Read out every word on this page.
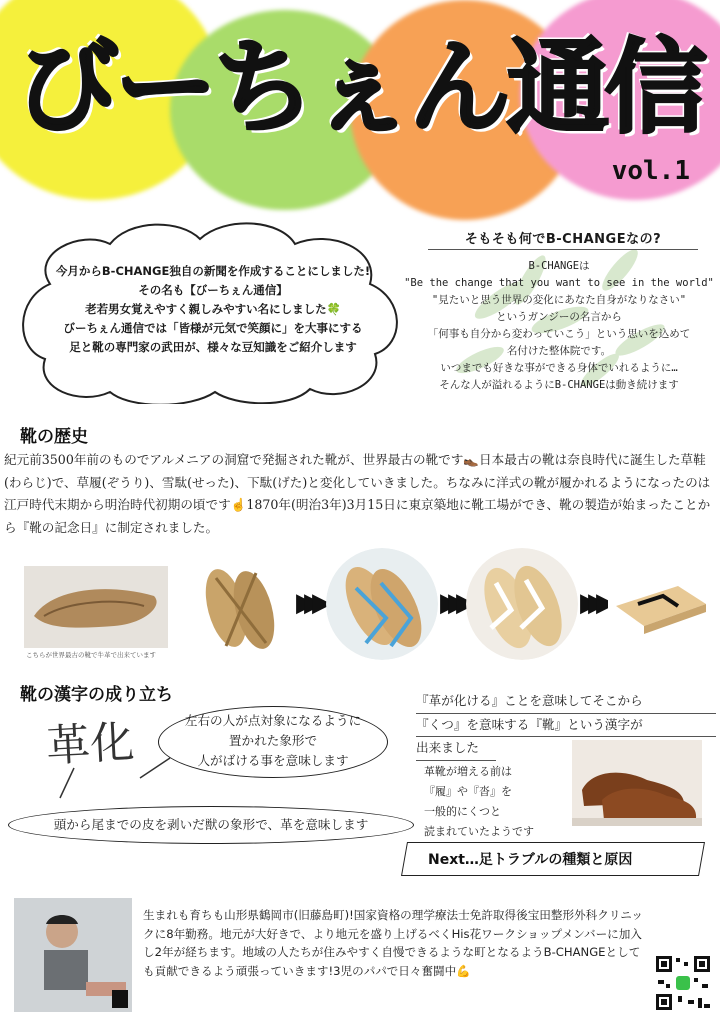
びーちぇん通信
vol.1
今月からB-CHANGE独自の新聞を作成することにしました!
その名も【びーちぇん通信】
老若男女覚えやすく親しみやすい名にしました🍀
びーちぇん通信では「皆様が元気で笑顔に」を大事にする
足と靴の専門家の武田が、様々な豆知識をご紹介します
そもそも何でB-CHANGEなの?
B-CHANGEは
"Be the change that you want to see in the world"
"見たいと思う世界の変化にあなた自身がなりなさい"
というガンジーの名言から
「何事も自分から変わっていこう」という思いを込めて
名付けた整体院です。
いつまでも好きな事ができる身体でいれるように…
そんな人が溢れるようにB-CHANGEは動き続けます
靴の歴史
紀元前3500年前のものでアルメニアの洞窟で発掘された靴が、世界最古の靴です👞日本最古の靴は奈良時代に誕生した草鞋(わらじ)で、草履(ぞうり)、雪駄(せった)、下駄(げた)と変化していきました。ちなみに洋式の靴が履かれるようになったのは江戸時代末期から明治時代初期の頃です☝️1870年(明治3年)3月15日に東京築地に靴工場ができ、靴の製造が始まったことから『靴の記念日』に制定されました。
こちらが世界最古の靴で牛革で出来ています
▶▶▶	▶▶▶	▶▶▶
靴の漢字の成り立ち
革化	左右の人が点対象になるように
置かれた象形で
人がばける事を意味します
頭から尾までの皮を剥いだ獣の象形で、革を意味します
『革が化ける』ことを意味してそこから
『くつ』を意味する『靴』という漢字が
出来ました
革靴が増える前は
『履』や『沓』を
一般的にくつと
読まれていたようです
Next…足トラブルの種類と原因
生まれも育ちも山形県鶴岡市(旧藤島町)!国家資格の理学療法士免許取得後宝田整形外科クリニックに8年勤務。地元が大好きで、より地元を盛り上げるべくHis花ワークショップメンバーに加入し2年が経ちます。地域の人たちが住みやすく自慢できるような町となるようB-CHANGEとしても貢献できるよう頑張っていきます!3児のパパで日々奮闘中💪
